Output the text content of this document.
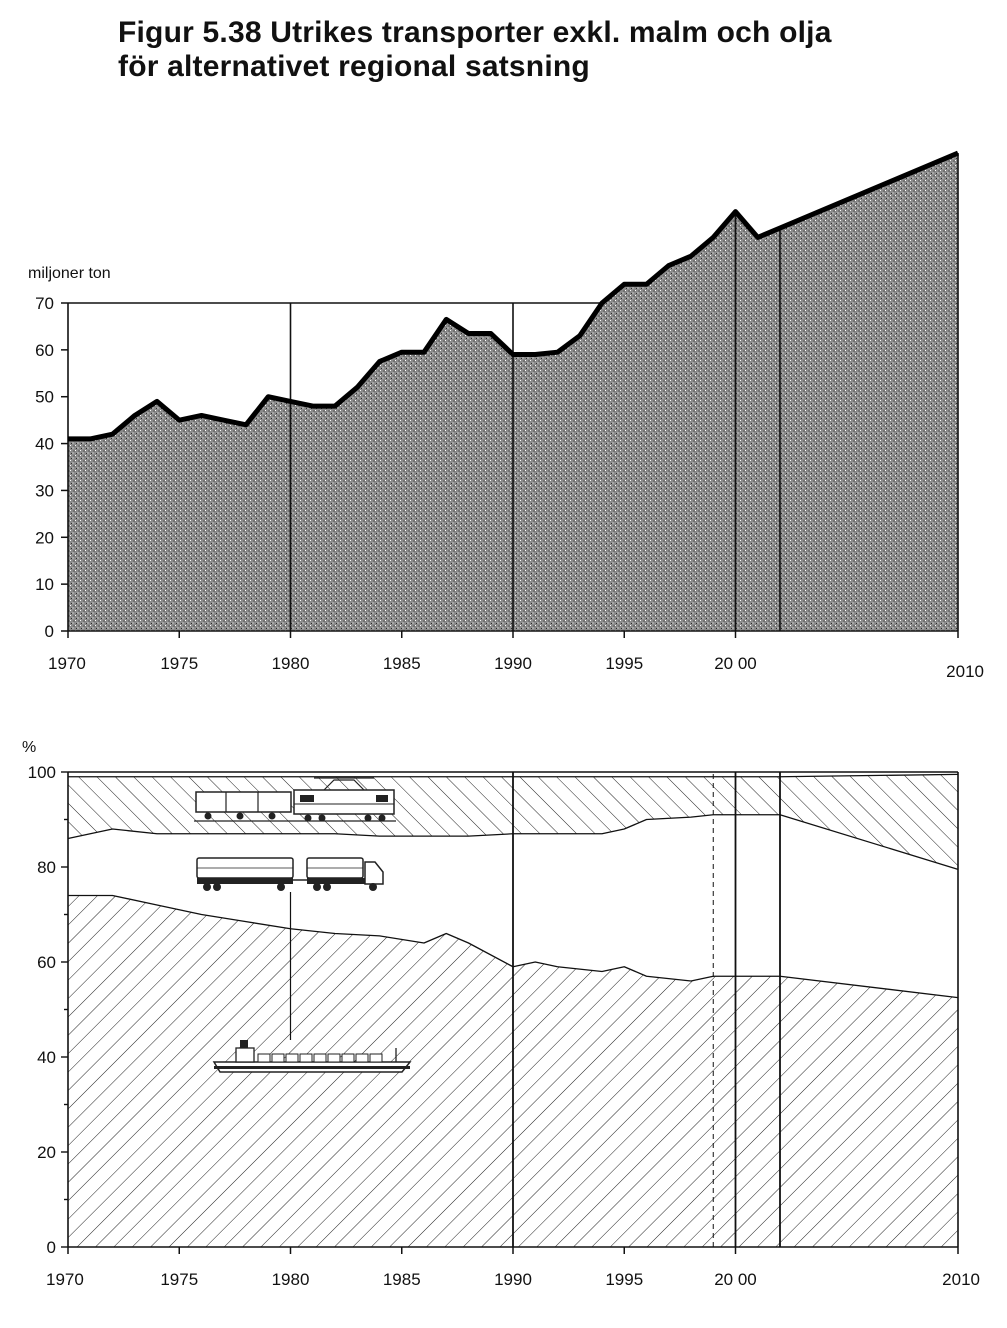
Figur 5.38 Utrikes transporter exkl. malm och olja
för alternativet regional satsning
miljoner ton
0
10
20
30
40
50
60
70
1970	1975	1980	1985	1990	1995	20 00	2010
%
0
20
40
60
80
100
1970	1975	1980	1985	1990	1995	20 00	2010
